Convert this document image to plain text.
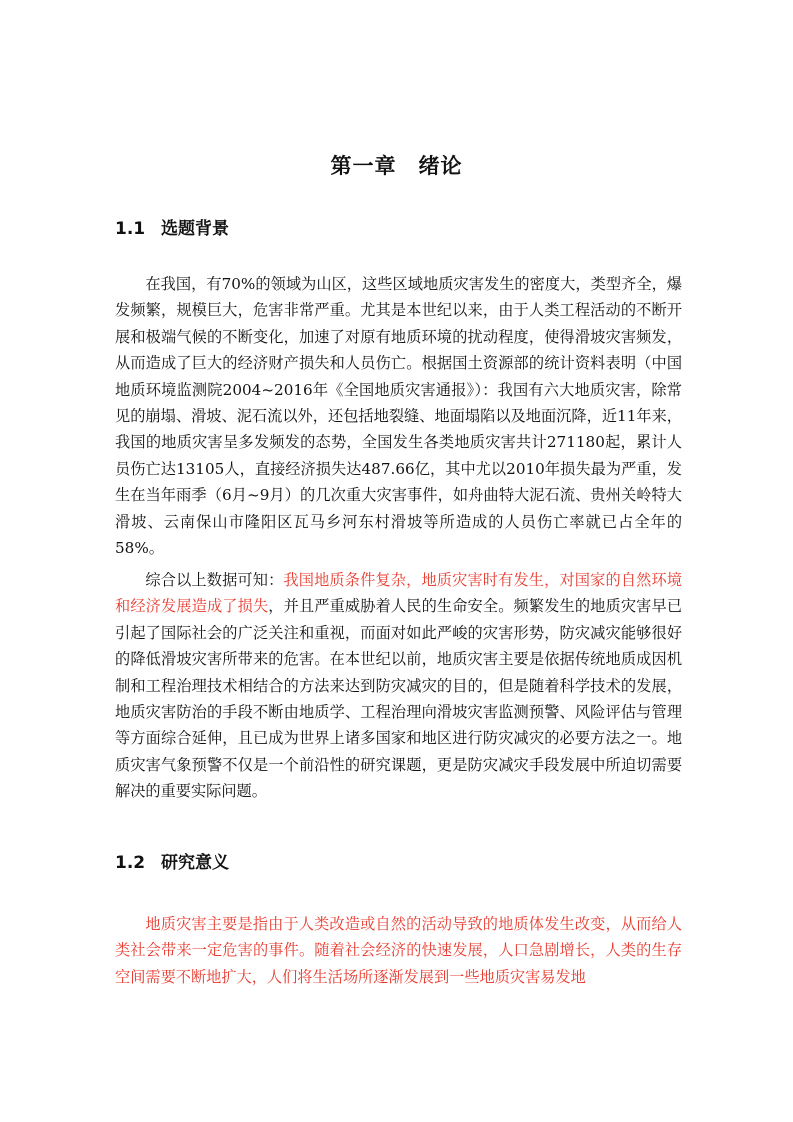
第一章　绪论
1.1 选题背景

在我国，有70%的领域为山区，这些区域地质灾害发生的密度大，类型齐全，爆发频繁，规模巨大，危害非常严重。尤其是本世纪以来，由于人类工程活动的不断开展和极端气候的不断变化，加速了对原有地质环境的扰动程度，使得滑坡灾害频发，从而造成了巨大的经济财产损失和人员伤亡。根据国土资源部的统计资料表明（中国地质环境监测院2004~2016年《全国地质灾害通报》）：我国有六大地质灾害，除常见的崩塌、滑坡、泥石流以外，还包括地裂缝、地面塌陷以及地面沉降，近11年来，我国的地质灾害呈多发频发的态势，全国发生各类地质灾害共计271180起，累计人员伤亡达13105人，直接经济损失达487.66亿，其中尤以2010年损失最为严重，发生在当年雨季（6月~9月）的几次重大灾害事件，如舟曲特大泥石流、贵州关岭特大滑坡、云南保山市隆阳区瓦马乡河东村滑坡等所造成的人员伤亡率就已占全年的58%。

综合以上数据可知：我国地质条件复杂，地质灾害时有发生，对国家的自然环境和经济发展造成了损失，并且严重威胁着人民的生命安全。频繁发生的地质灾害早已引起了国际社会的广泛关注和重视，而面对如此严峻的灾害形势，防灾减灾能够很好的降低滑坡灾害所带来的危害。在本世纪以前，地质灾害主要是依据传统地质成因机制和工程治理技术相结合的方法来达到防灾减灾的目的，但是随着科学技术的发展，地质灾害防治的手段不断由地质学、工程治理向滑坡灾害监测预警、风险评估与管理等方面综合延伸，且已成为世界上诸多国家和地区进行防灾减灾的必要方法之一。地质灾害气象预警不仅是一个前沿性的研究课题，更是防灾减灾手段发展中所迫切需要解决的重要实际问题。

1.2 研究意义

地质灾害主要是指由于人类改造或自然的活动导致的地质体发生改变，从而给人类社会带来一定危害的事件。随着社会经济的快速发展，人口急剧增长，人类的生存空间需要不断地扩大，人们将生活场所逐渐发展到一些地质灾害易发地
